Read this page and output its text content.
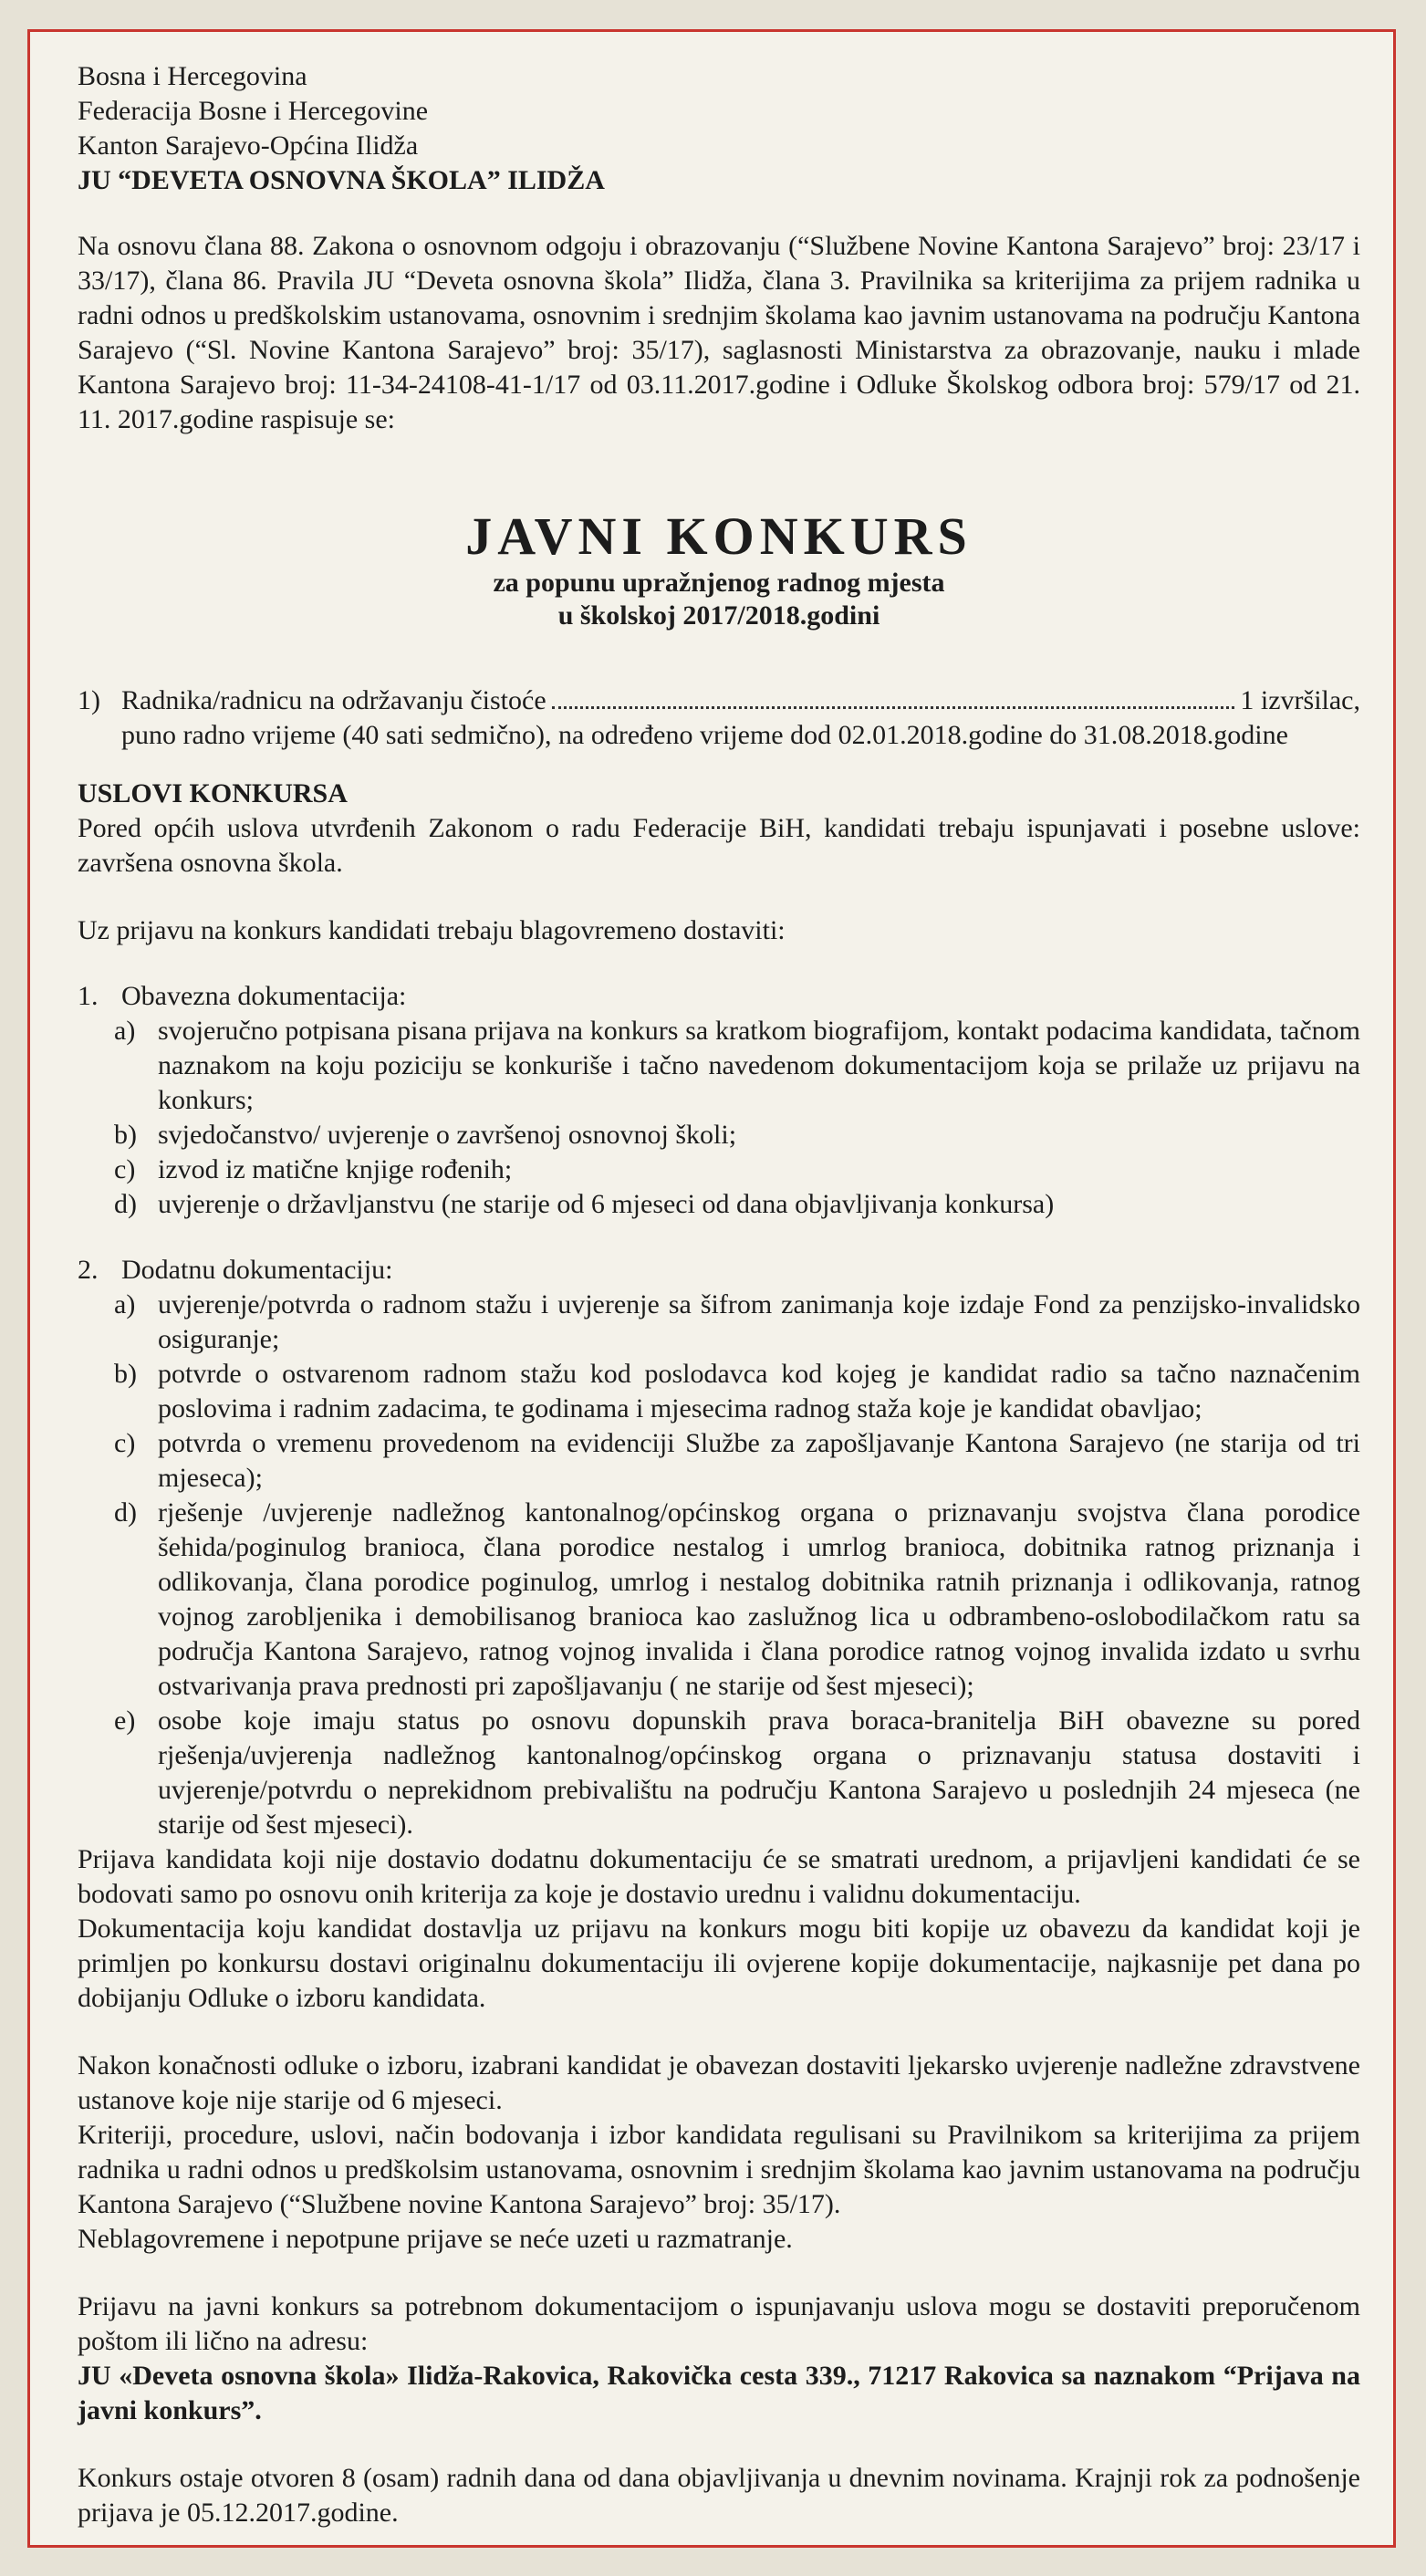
Bosna i Hercegovina
Federacija Bosne i Hercegovine
Kanton Sarajevo-Općina Ilidža
JU “DEVETA OSNOVNA ŠKOLA” ILIDŽA

Na osnovu člana 88. Zakona o osnovnom odgoju i obrazovanju (“Službene Novine Kantona Sarajevo” broj: 23/17 i 33/17), člana 86. Pravila JU “Deveta osnovna škola” Ilidža, člana 3. Pravilnika sa kriterijima za prijem radnika u radni odnos u predškolskim ustanovama, osnovnim i srednjim školama kao javnim ustanovama na području Kantona Sarajevo (“Sl. Novine Kantona Sarajevo” broj: 35/17), saglasnosti Ministarstva za obrazovanje, nauku i mlade Kantona Sarajevo broj: 11-34-24108-41-1/17 od 03.11.2017.godine i Odluke Školskog odbora broj: 579/17 od 21. 11. 2017.godine raspisuje se:

JAVNI KONKURS
za popunu upražnjenog radnog mjesta
u školskoj 2017/2018.godini
1) Radnika/radnicu na održavanju čistoće	1 izvršilac,
puno radno vrijeme (40 sati sedmično), na određeno vrijeme dod 02.01.2018.godine do 31.08.2018.godine
USLOVI KONKURSA

Pored općih uslova utvrđenih Zakonom o radu Federacije BiH, kandidati trebaju ispunjavati i posebne uslove: završena osnovna škola.

Uz prijavu na konkurs kandidati trebaju blagovremeno dostaviti:

1. Obavezna dokumentacija:
a) svojeručno potpisana pisana prijava na konkurs sa kratkom biografijom, kontakt podacima kandidata, tačnom naznakom na koju poziciju se konkuriše i tačno navedenom dokumentacijom koja se prilaže uz prijavu na konkurs;
b) svjedočanstvo/ uvjerenje o završenoj osnovnoj školi;
c) izvod iz matične knjige rođenih;
d) uvjerenje o državljanstvu (ne starije od 6 mjeseci od dana objavljivanja konkursa)
2. Dodatnu dokumentaciju:
a) uvjerenje/potvrda o radnom stažu i uvjerenje sa šifrom zanimanja koje izdaje Fond za penzijsko-invalidsko osiguranje;
b) potvrde o ostvarenom radnom stažu kod poslodavca kod kojeg je kandidat radio sa tačno naznačenim poslovima i radnim zadacima, te godinama i mjesecima radnog staža koje je kandidat obavljao;
c) potvrda o vremenu provedenom na evidenciji Službe za zapošljavanje Kantona Sarajevo (ne starija od tri mjeseca);
d) rješenje /uvjerenje nadležnog kantonalnog/općinskog organa o priznavanju svojstva člana porodice šehida/poginulog branioca, člana porodice nestalog i umrlog branioca, dobitnika ratnog priznanja i odlikovanja, člana porodice poginulog, umrlog i nestalog dobitnika ratnih priznanja i odlikovanja, ratnog vojnog zarobljenika i demobilisanog branioca kao zaslužnog lica u odbrambeno-oslobodilačkom ratu sa područja Kantona Sarajevo, ratnog vojnog invalida i člana porodice ratnog vojnog invalida izdato u svrhu ostvarivanja prava prednosti pri zapošljavanju ( ne starije od šest mjeseci);
e) osobe koje imaju status po osnovu dopunskih prava boraca-branitelja BiH obavezne su pored rješenja/uvjerenja nadležnog kantonalnog/općinskog organa o priznavanju statusa dostaviti i uvjerenje/potvrdu o neprekidnom prebivalištu na području Kantona Sarajevo u poslednjih 24 mjeseca (ne starije od šest mjeseci).

Prijava kandidata koji nije dostavio dodatnu dokumentaciju će se smatrati urednom, a prijavljeni kandidati će se bodovati samo po osnovu onih kriterija za koje je dostavio urednu i validnu dokumentaciju.

Dokumentacija koju kandidat dostavlja uz prijavu na konkurs mogu biti kopije uz obavezu da kandidat koji je primljen po konkursu dostavi originalnu dokumentaciju ili ovjerene kopije dokumentacije, najkasnije pet dana po dobijanju Odluke o izboru kandidata.

Nakon konačnosti odluke o izboru, izabrani kandidat je obavezan dostaviti ljekarsko uvjerenje nadležne zdravstvene ustanove koje nije starije od 6 mjeseci.

Kriteriji, procedure, uslovi, način bodovanja i izbor kandidata regulisani su Pravilnikom sa kriterijima za prijem radnika u radni odnos u predškolsim ustanovama, osnovnim i srednjim školama kao javnim ustanovama na području Kantona Sarajevo (“Službene novine Kantona Sarajevo” broj: 35/17).

Neblagovremene i nepotpune prijave se neće uzeti u razmatranje.

Prijavu na javni konkurs sa potrebnom dokumentacijom o ispunjavanju uslova mogu se dostaviti preporučenom poštom ili lično na adresu:

JU «Deveta osnovna škola» Ilidža-Rakovica, Rakovička cesta 339., 71217 Rakovica sa naznakom “Prijava na javni konkurs”.

Konkurs ostaje otvoren 8 (osam) radnih dana od dana objavljivanja u dnevnim novinama. Krajnji rok za podnošenje prijava je 05.12.2017.godine.
